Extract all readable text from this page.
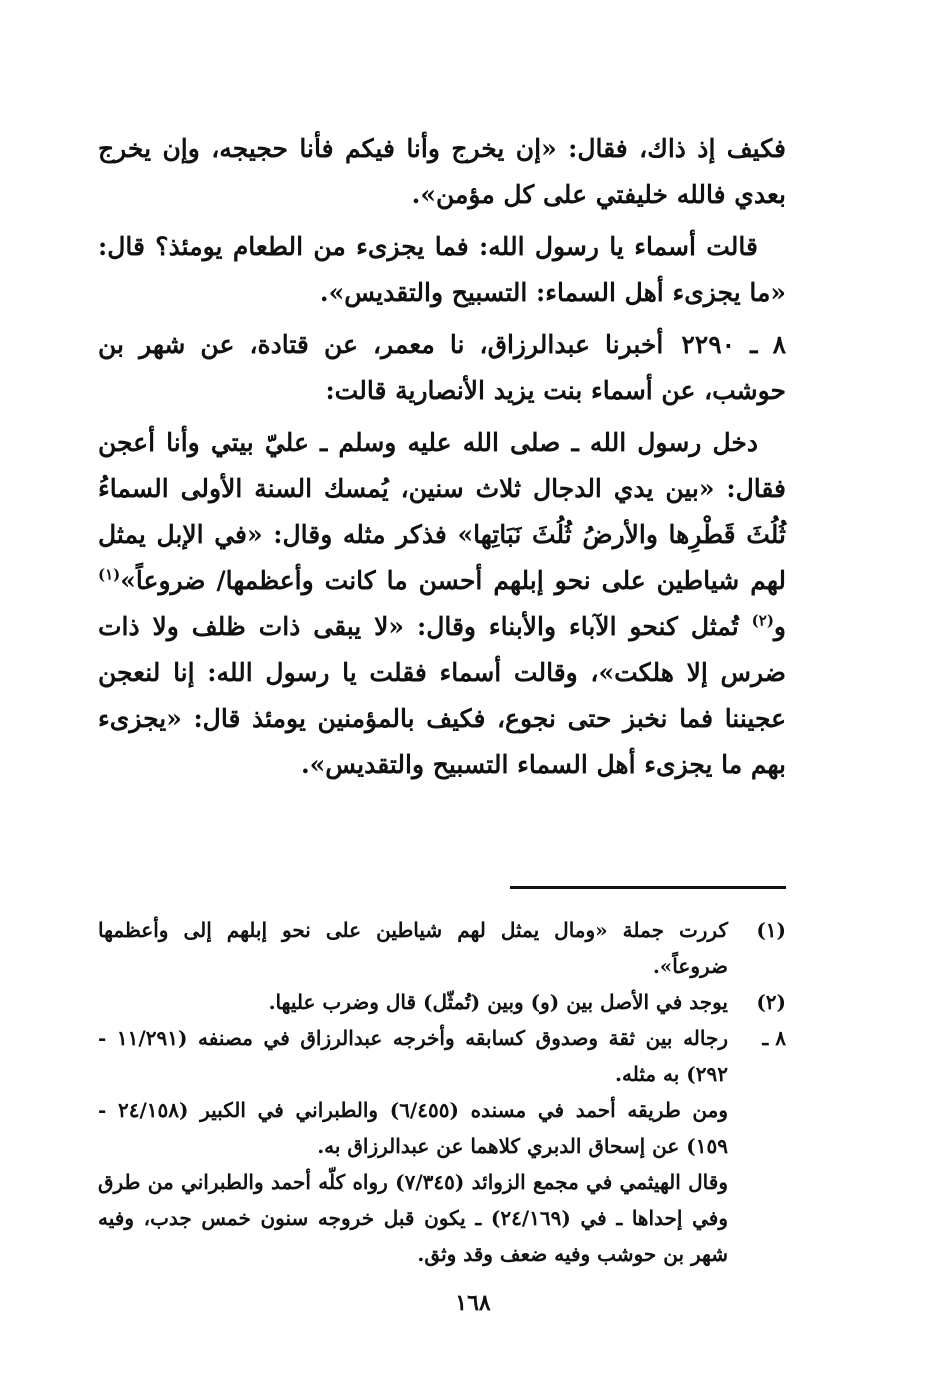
فكيف إذ ذاك، فقال: «إن يخرج وأنا فيكم فأنا حجيجه، وإن يخرج بعدي فالله خليفتي على كل مؤمن».

قالت أسماء يا رسول الله: فما يجزىء من الطعام يومئذ؟ قال: «ما يجزىء أهل السماء: التسبيح والتقديس».

٨ ـ ٢٢٩٠أخبرنا عبدالرزاق، نا معمر، عن قتادة، عن شهر بن حوشب، عن أسماء بنت يزيد الأنصارية قالت:

دخل رسول الله ـ صلى الله عليه وسلم ـ عليّ بيتي وأنا أعجن فقال: «بين يدي الدجال ثلاث سنين، يُمسك السنة الأولى السماءُ ثُلُثَ قَطْرِها والأرضُ ثُلُثَ نَبَاتِها» فذكر مثله وقال: «في الإبل يمثل لهم شياطين على نحو إبلهم أحسن ما كانت وأعظمها/ ضروعاً»$^{(١)}$ و$^{(٢)}$ تُمثل كنحو الآباء والأبناء وقال: «لا يبقى ذات ظلف ولا ذات ضرس إلا هلكت»، وقالت أسماء فقلت يا رسول الله: إنا لنعجن عجيننا فما نخبز حتى نجوع، فكيف بالمؤمنين يومئذ قال: «يجزىء بهم ما يجزىء أهل السماء التسبيح والتقديس».

(١)

كررت جملة «ومال يمثل لهم شياطين على نحو إبلهم إلى وأعظمها ضروعاً».

(٢)

يوجد في الأصل بين (و) وبين (تُمثّل) قال وضرب عليها.

٨ ـ

رجاله بين ثقة وصدوق كسابقه وأخرجه عبدالرزاق في مصنفه (١١/٢٩١ - ٢٩٢) به مثله.

ومن طريقه أحمد في مسنده (٦/٤٥٥) والطبراني في الكبير (٢٤/١٥٨ - ١٥٩) عن إسحاق الدبري كلاهما عن عبدالرزاق به.

وقال الهيثمي في مجمع الزوائد (٧/٣٤٥) رواه كلّه أحمد والطبراني من طرق وفي إحداها ـ في (٢٤/١٦٩) ـ يكون قبل خروجه سنون خمس جدب، وفيه شهر بن حوشب وفيه ضعف وقد وثق.

١٦٨
